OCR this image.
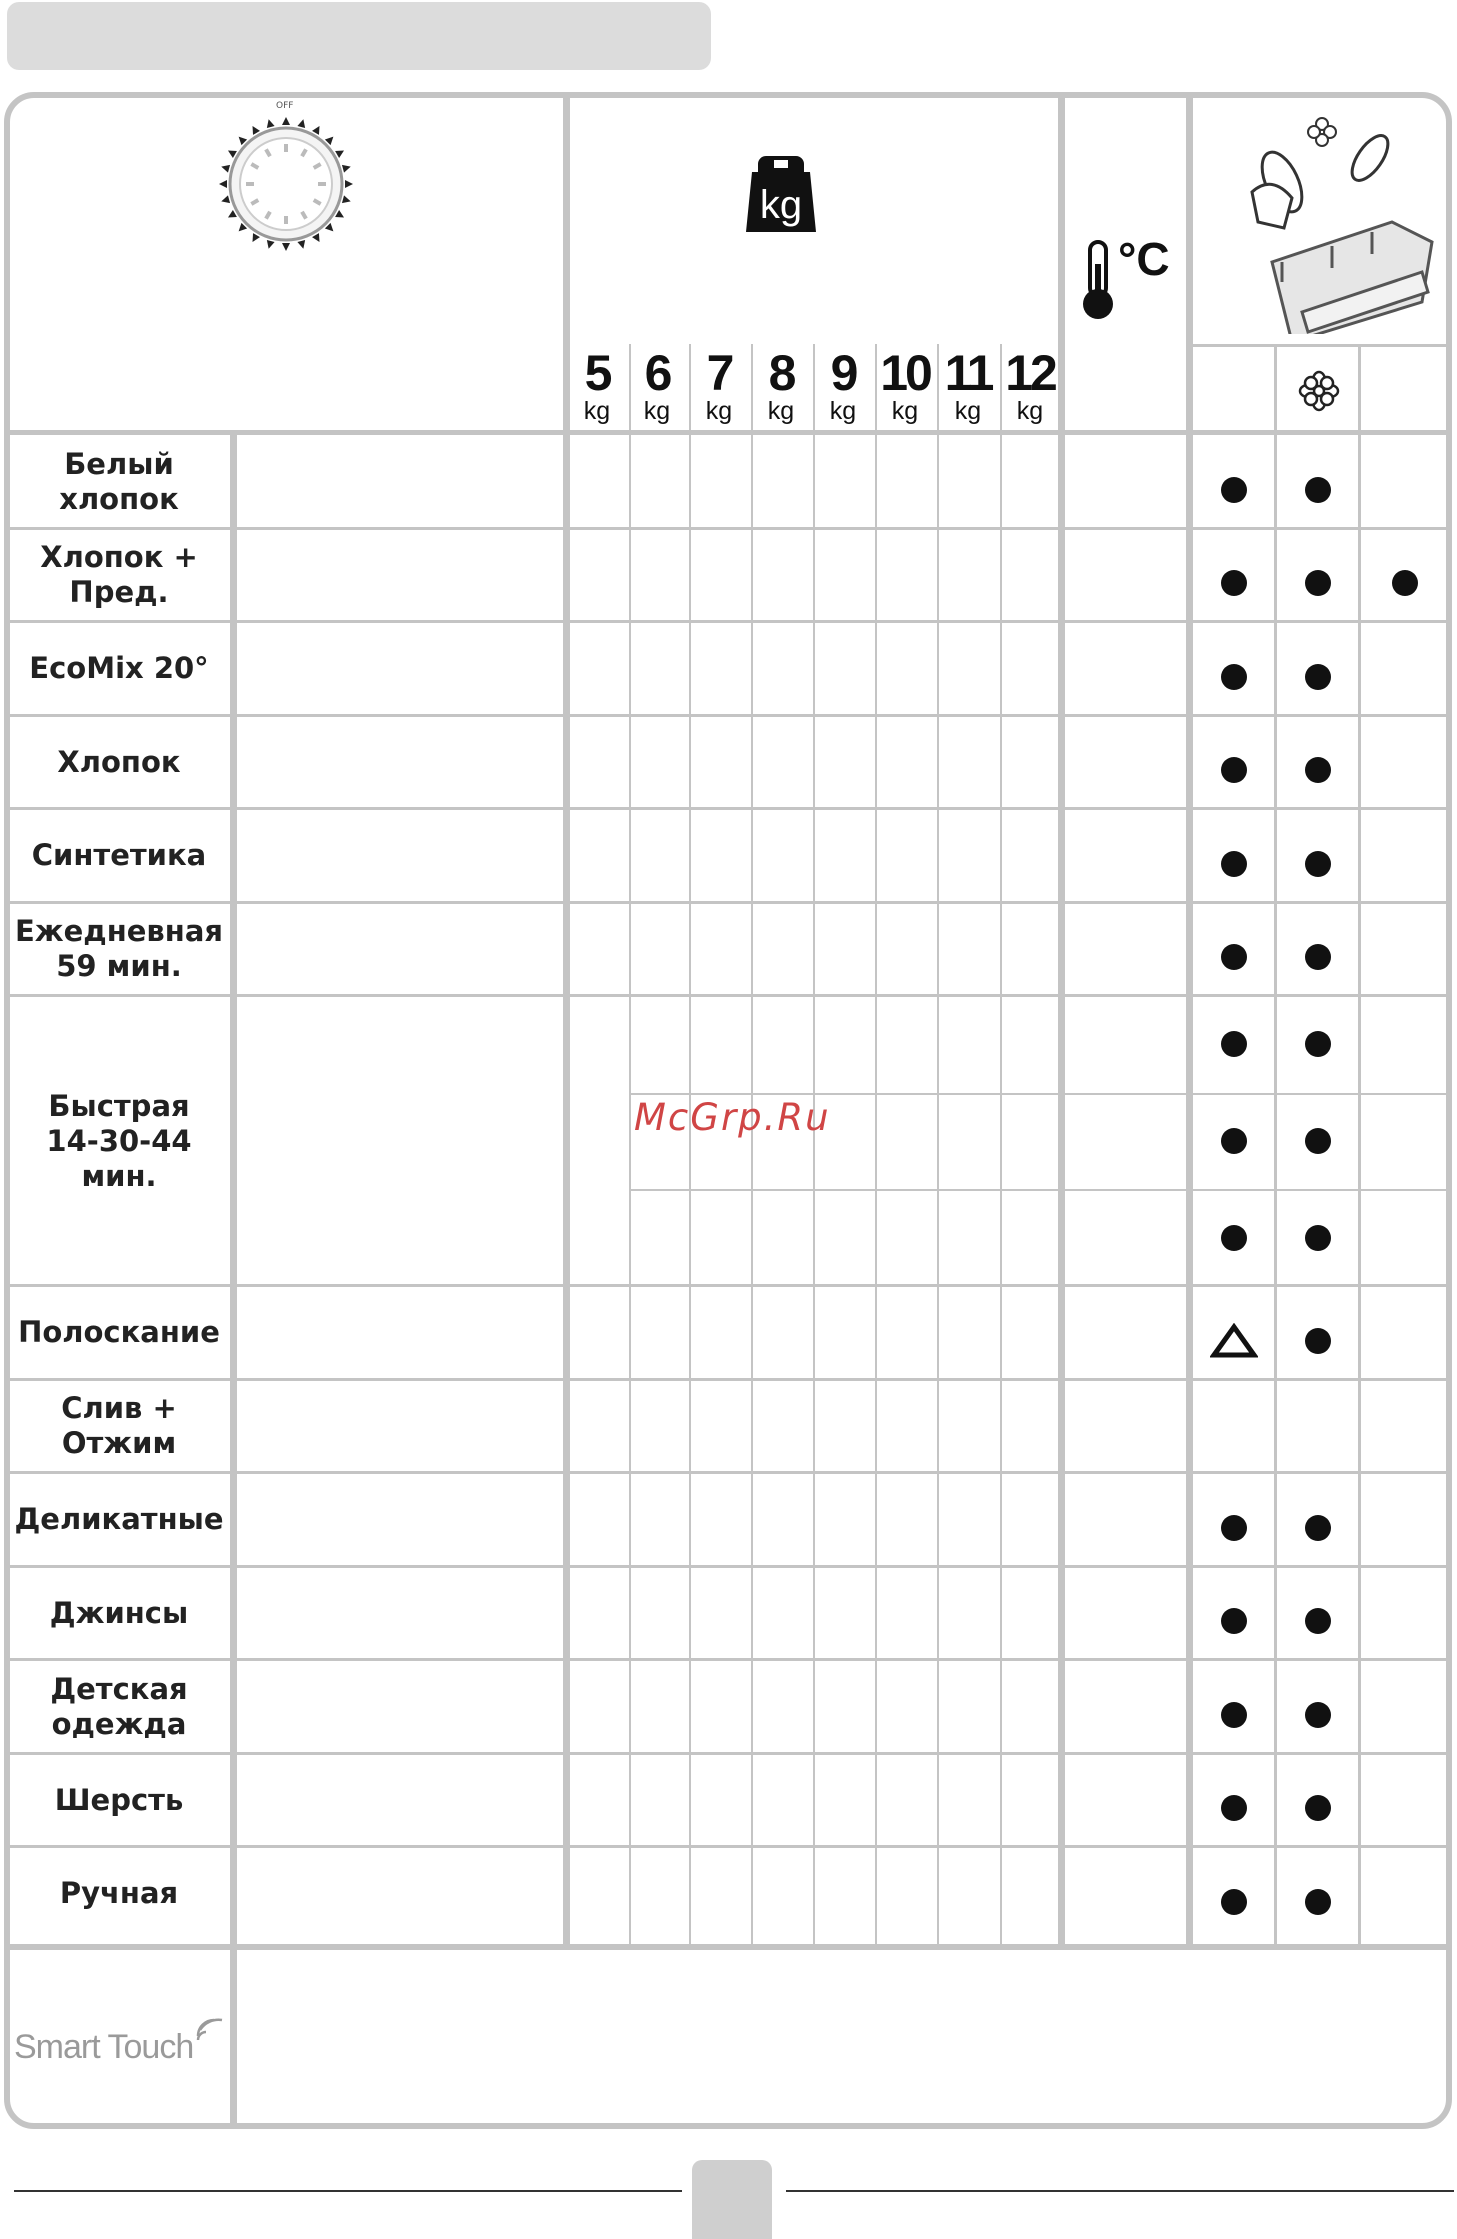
OFF
kg
°C
5
kg
6
kg
7
kg
8
kg
9
kg
10
kg
11
kg
12
kg
Белый
хлопок
Хлопок +
Пред.
EcoMix 20°
Хлопок
Синтетика
Ежедневная
59 мин.
Быстрая
14-30-44 мин.
Полоскание
Слив +
Отжим
Деликатные
Джинсы
Детская
одежда
Шерсть
Ручная
McGrp.Ru
Smart Touch
